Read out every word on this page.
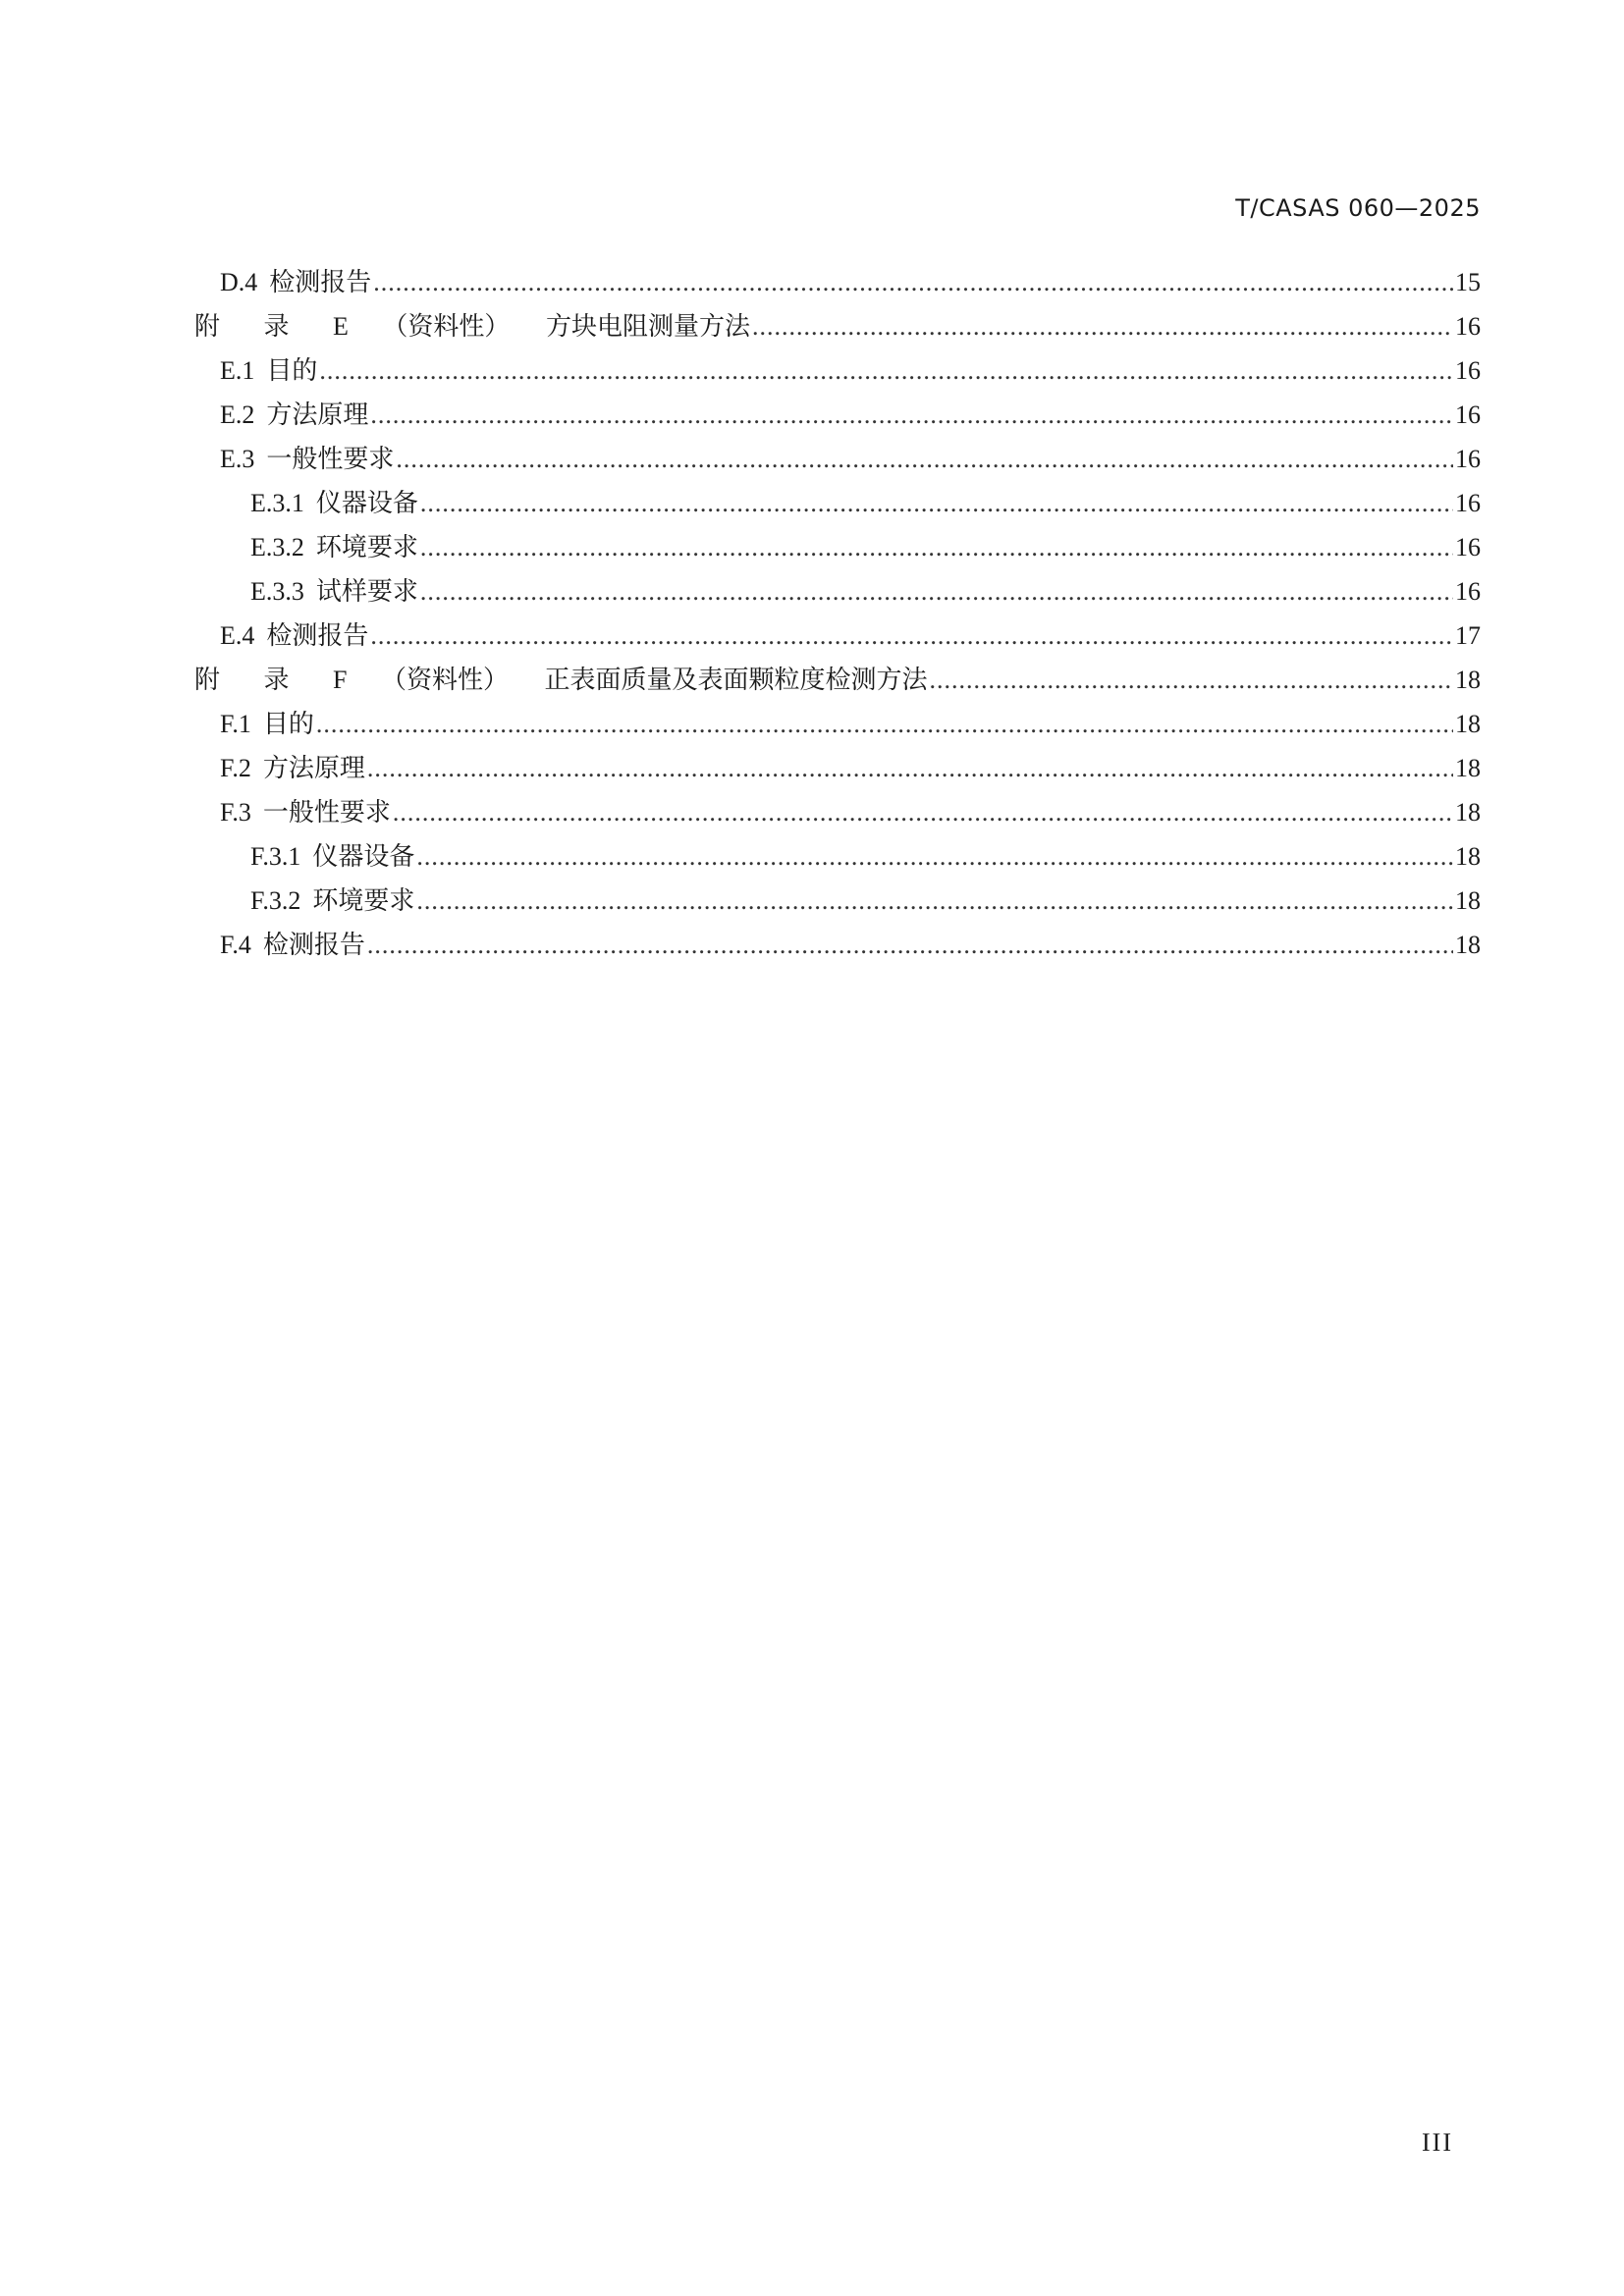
T/CASAS 060—2025
D.4 检测报告 .....	15
附 录 E （资料性） 方块电阻测量方法 .....	16
E.1 目的 .....	16
E.2 方法原理 .....	16
E.3 一般性要求 .....	16
E.3.1 仪器设备 .....	16
E.3.2 环境要求 .....	16
E.3.3 试样要求 .....	16
E.4 检测报告 .....	17
附 录 F （资料性） 正表面质量及表面颗粒度检测方法 .....	18
F.1 目的 .....	18
F.2 方法原理 .....	18
F.3 一般性要求 .....	18
F.3.1 仪器设备 .....	18
F.3.2 环境要求 .....	18
F.4 检测报告 .....	18
III
